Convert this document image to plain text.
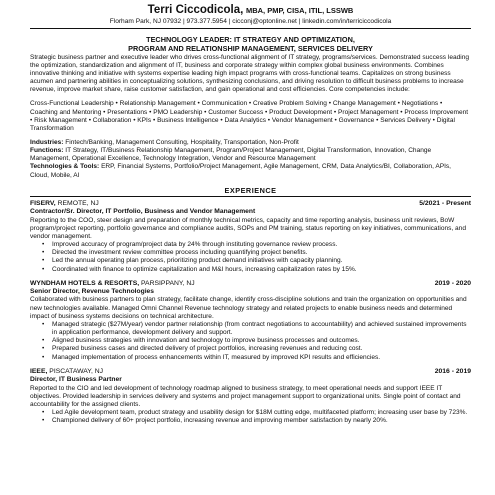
Terri Ciccodicola, MBA, PMP, CISA, ITIL, LSSWB
Florham Park, NJ 07932 | 973.377.5954 | cicconj@optonline.net | linkedin.com/in/terriciccodicola
TECHNOLOGY LEADER: IT STRATEGY AND OPTIMIZATION,
PROGRAM AND RELATIONSHIP MANAGEMENT, SERVICES DELIVERY

Strategic business partner and executive leader who drives cross-functional alignment of IT strategy, programs/services. Demonstrated success leading the optimization, standardization and alignment of IT, business and corporate strategy within complex global business environments. Combines innovative thinking and initiative with systems expertise leading high impact programs with cross-functional teams. Capitalizes on strong business acumen and partnering abilities in conceptualizing solutions, synthesizing conclusions, and driving resolution to difficult business problems to increase revenue, improve market share, raise customer satisfaction, and gain operational and cost efficiencies. Core competencies include:

Cross-Functional Leadership • Relationship Management • Communication • Creative Problem Solving • Change Management • Negotiations • Coaching and Mentoring • Presentations • PMO Leadership • Customer Success • Product Development • Project Management • Process Improvement • Risk Management • Collaboration • KPIs • Business Intelligence • Data Analytics • Vendor Management • Governance • Services Delivery • Digital Transformation

Industries: Fintech/Banking, Management Consulting, Hospitality, Transportation, Non-Profit

Functions: IT Strategy, IT/Business Relationship Management, Program/Project Management, Digital Transformation, Innovation, Change Management, Operational Excellence, Technology Integration, Vendor and Resource Management

Technologies & Tools: ERP, Financial Systems, Portfolio/Project Management, Agile Management, CRM, Data Analytics/BI, Collaboration, APIs, Cloud, Mobile, AI

EXPERIENCE
FISERV, REMOTE, NJ	5/2021 - Present
Contractor/Sr. Director, IT Portfolio, Business and Vendor Management

Reporting to the COO, steer design and preparation of monthly technical metrics, capacity and time reporting analysis, business unit reviews, BoW program/project reporting, portfolio governance and compliance audits, SOPs and PM training, status reporting on key initiatives, communications, and vendor management.

• Improved accuracy of program/project data by 24% through instituting governance review process.
• Directed the investment review committee process including quantifying project benefits.
• Led the annual operating plan process, prioritizing product demand initiatives with capacity planning.
• Coordinated with finance to optimize capitalization and M&I hours, increasing capitalization rates by 15%.
WYNDHAM HOTELS & RESORTS, PARSIPPANY, NJ	2019 - 2020
Senior Director, Revenue Technologies

Collaborated with business partners to plan strategy, facilitate change, identify cross-discipline solutions and train the organization on opportunities and new technologies available. Managed Omni Channel Revenue technology strategy and related projects to enable business needs and determined impact of business systems decisions on technical architecture.

• Managed strategic ($27M/year) vendor partner relationship (from contract negotiations to accountability) and achieved sustained improvements in application performance, development delivery and support.
• Aligned business strategies with innovation and technology to improve business processes and outcomes.
• Prepared business cases and directed delivery of project portfolios, increasing revenues and reducing cost.
• Managed implementation of process enhancements within IT, measured by improved KPI results and efficiencies.
IEEE, PISCATAWAY, NJ	2016 - 2019
Director, IT Business Partner

Reported to the CIO and led development of technology roadmap aligned to business strategy, to meet operational needs and support IEEE IT objectives. Provided leadership in services delivery and systems and project management support to organizational units. Single point of contact and accountability for the assigned clients.

• Led Agile development team, product strategy and usability design for $18M cutting edge, multifaceted platform; increasing user base by 723%.
• Championed delivery of 60+ project portfolio, increasing revenue and improving member satisfaction by nearly 20%.
